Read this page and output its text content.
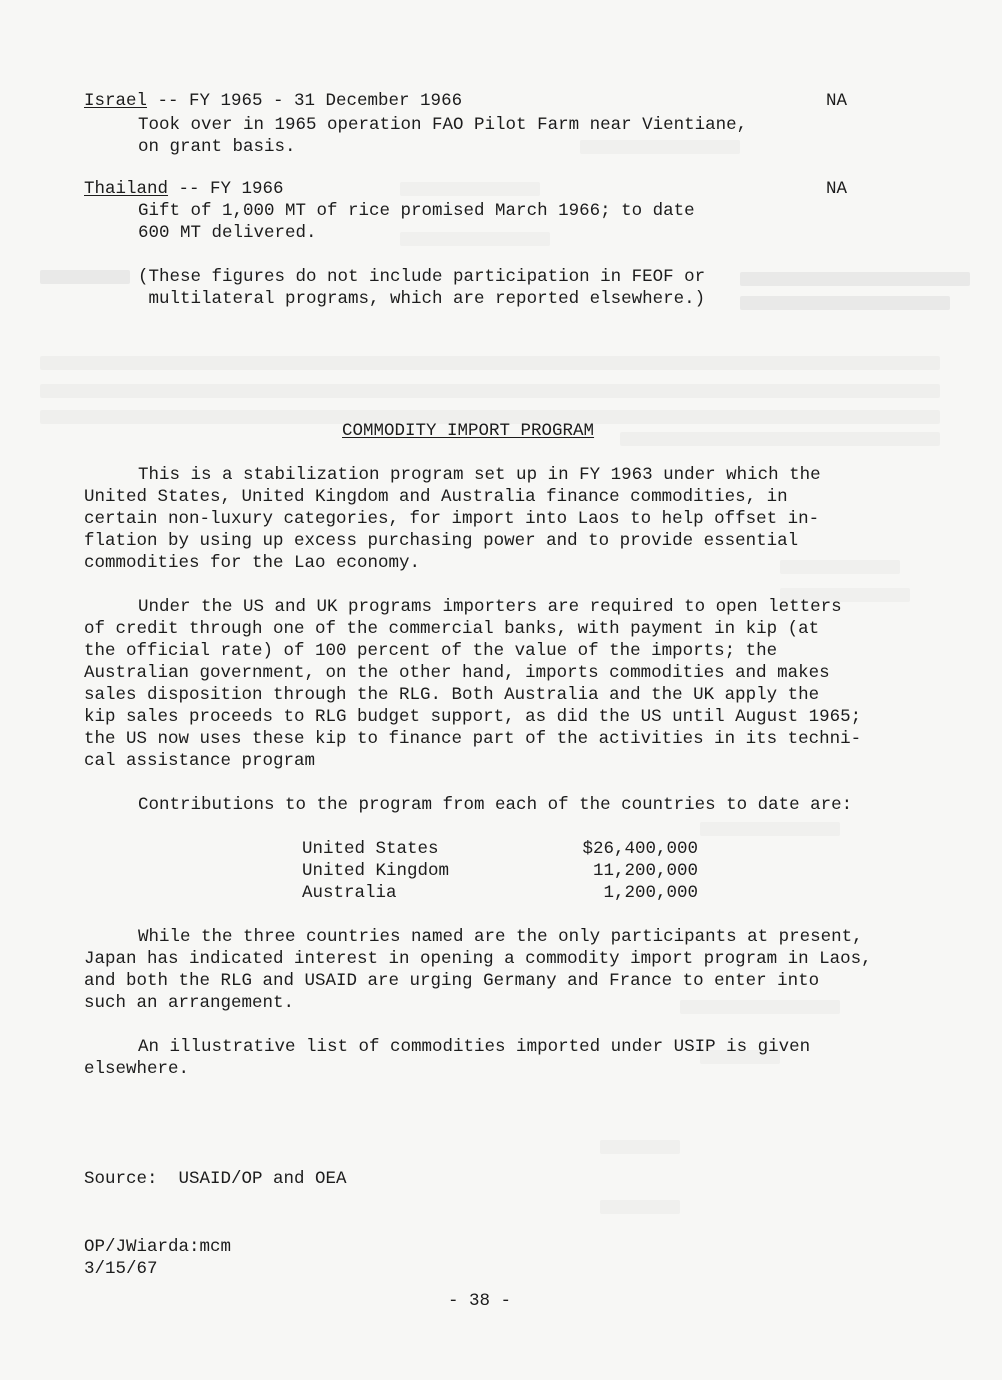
Israel -- FY 1965 - 31 December 1966	NA
Took over in 1965 operation FAO Pilot Farm near Vientiane,
on grant basis.
Thailand -- FY 1966	NA
Gift of 1,000 MT of rice promised March 1966; to date
600 MT delivered.
(These figures do not include participation in FEOF or
multilateral programs, which are reported elsewhere.)
COMMODITY IMPORT PROGRAM
This is a stabilization program set up in FY 1963 under which the
United States, United Kingdom and Australia finance commodities, in
certain non-luxury categories, for import into Laos to help offset in-
flation by using up excess purchasing power and to provide essential
commodities for the Lao economy.
Under the US and UK programs importers are required to open letters
of credit through one of the commercial banks, with payment in kip (at
the official rate) of 100 percent of the value of the imports; the
Australian government, on the other hand, imports commodities and makes
sales disposition through the RLG. Both Australia and the UK apply the
kip sales proceeds to RLG budget support, as did the US until August 1965;
the US now uses these kip to finance part of the activities in its techni-
cal assistance program
Contributions to the program from each of the countries to date are:
United States	$26,400,000
United Kingdom	11,200,000
Australia	1,200,000
While the three countries named are the only participants at present,
Japan has indicated interest in opening a commodity import program in Laos,
and both the RLG and USAID are urging Germany and France to enter into
such an arrangement.
An illustrative list of commodities imported under USIP is given
elsewhere.
Source:  USAID/OP and OEA
OP/JWiarda:mcm
3/15/67
- 38 -
